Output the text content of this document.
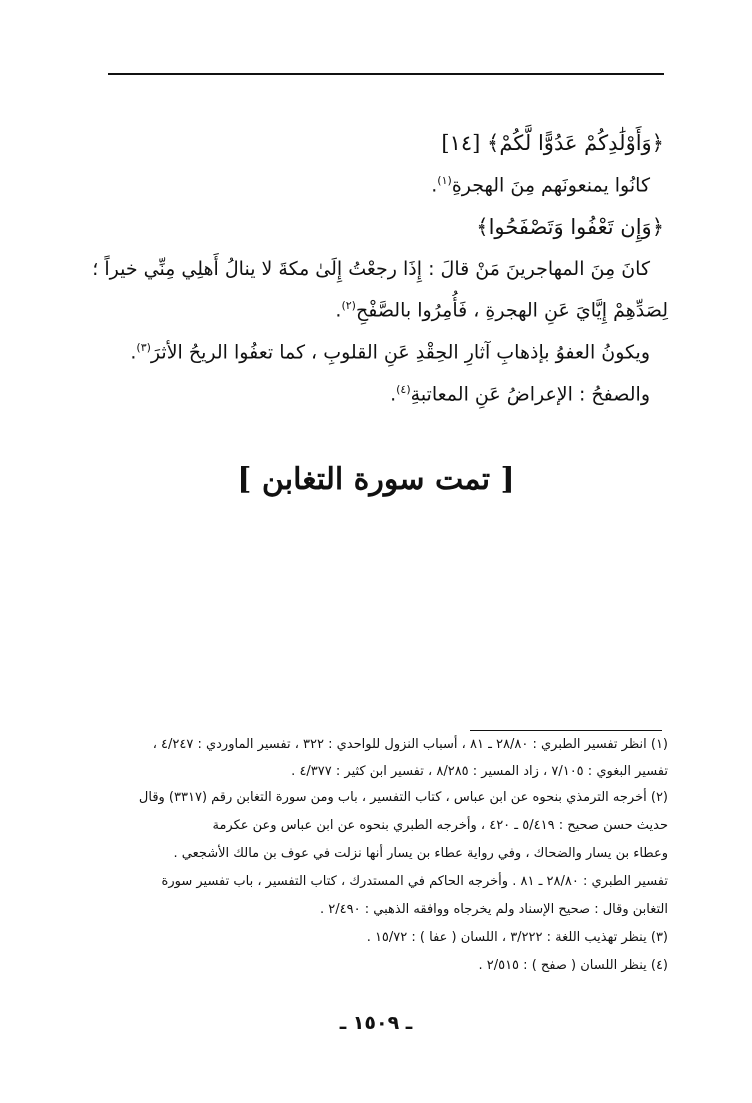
﴿وَأَوْلَٰدِكُمْ عَدُوًّا لَّكُمْ﴾ [١٤]
كانُوا يمنعونَهم مِنَ الهجرةِ$^{(١)}$.
﴿وَإِن تَعْفُوا وَتَصْفَحُوا﴾
كانَ مِنَ المهاجرينَ مَنْ قالَ : إِذَا رجعْتُ إِلَىٰ مكةَ لا ينالُ أَهلِي مِنِّي خيراً ؛
لِصَدِّهِمْ إِيَّايَ عَنِ الهجرةِ ، فَأُمِرُوا بالصَّفْحِ$^{(٢)}$.
ويكونُ العفوُ بإذهابِ آثارِ الحِقْدِ عَنِ القلوبِ ، كما تعفُوا الريحُ الأثرَ$^{(٣)}$.
والصفحُ : الإعراضُ عَنِ المعاتبةِ$^{(٤)}$.
[ تمت سورة التغابن ]
(١) انظر تفسير الطبري : ٢٨/٨٠ ـ ٨١ ، أسباب النزول للواحدي : ٣٢٢ ، تفسير الماوردي : ٤/٢٤٧ ،
تفسير البغوي : ٧/١٠٥ ، زاد المسير : ٨/٢٨٥ ، تفسير ابن كثير : ٤/٣٧٧ .
(٢) أخرجه الترمذي بنحوه عن ابن عباس ، كتاب التفسير ، باب ومن سورة التغابن رقم (٣٣١٧) وقال
حديث حسن صحيح : ٥/٤١٩ ـ ٤٢٠ ، وأخرجه الطبري بنحوه عن ابن عباس وعن عكرمة
وعطاء بن يسار والضحاك ، وفي رواية عطاء بن يسار أنها نزلت في عوف بن مالك الأشجعي .
تفسير الطبري : ٢٨/٨٠ ـ ٨١ . وأخرجه الحاكم في المستدرك ، كتاب التفسير ، باب تفسير سورة
التغابن وقال : صحيح الإسناد ولم يخرجاه ووافقه الذهبي : ٢/٤٩٠ .
(٣) ينظر تهذيب اللغة : ٣/٢٢٢ ، اللسان ( عفا ) : ١٥/٧٢ .
(٤) ينظر اللسان ( صفح ) : ٢/٥١٥ .
ـ ١٥٠٩ ـ
